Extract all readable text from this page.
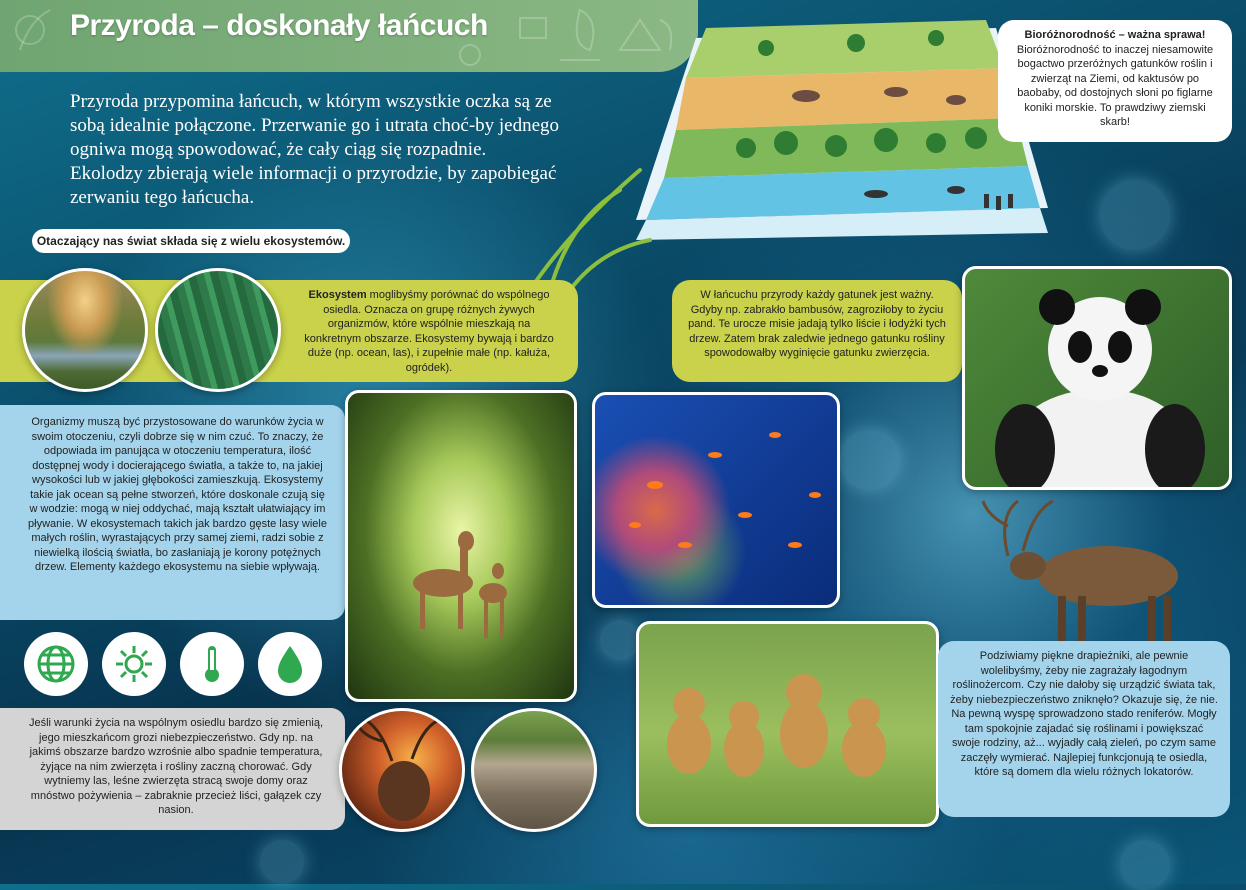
Przyroda – doskonały łańcuch
Przyroda przypomina łańcuch, w którym wszystkie oczka są ze sobą idealnie połączone. Przerwanie go i utrata choć-by jednego ogniwa mogą spowodować, że cały ciąg się rozpadnie. Ekolodzy zbierają wiele informacji o przyrodzie, by zapobiegać zerwaniu tego łańcucha.
Bioróżnorodność – ważna sprawa! Bioróżnorodność to inaczej niesamowite bogactwo przeróżnych gatunków roślin i zwierząt na Ziemi, od kaktusów po baobaby, od dostojnych słoni po figlarne koniki morskie. To prawdziwy ziemski skarb!
Otaczający nas świat składa się z wielu ekosystemów.
Ekosystem moglibyśmy porównać do wspólnego osiedla. Oznacza on grupę różnych żywych organizmów, które wspólnie mieszkają na konkretnym obszarze. Ekosystemy bywają i bardzo duże (np. ocean, las), i zupełnie małe (np. kałuża, ogródek).
W łańcuchu przyrody każdy gatunek jest ważny. Gdyby np. zabrakło bambusów, zagroziłoby to życiu pand. Te urocze misie jadają tylko liście i łodyżki tych drzew. Zatem brak zaledwie jednego gatunku rośliny spowodowałby wyginięcie gatunku zwierzęcia.
Organizmy muszą być przystosowane do warunków życia w swoim otoczeniu, czyli dobrze się w nim czuć. To znaczy, że odpowiada im panująca w otoczeniu temperatura, ilość dostępnej wody i docierającego światła, a także to, na jakiej wysokości lub w jakiej głębokości zamieszkują. Ekosystemy takie jak ocean są pełne stworzeń, które doskonale czują się w wodzie: mogą w niej oddychać, mają kształt ułatwiający im pływanie. W ekosystemach takich jak bardzo gęste lasy wiele małych roślin, wyrastających przy samej ziemi, radzi sobie z niewielką ilością światła, bo zasłaniają je korony potężnych drzew. Elementy każdego ekosystemu na siebie wpływają.
Podziwiamy piękne drapieżniki, ale pewnie wolelibyśmy, żeby nie zagrażały łagodnym roślinożercom. Czy nie dałoby się urządzić świata tak, żeby niebezpieczeństwo zniknęło? Okazuje się, że nie. Na pewną wyspę sprowadzono stado reniferów. Mogły tam spokojnie zajadać się roślinami i powiększać swoje rodziny, aż... wyjadły całą zieleń, po czym same zaczęły wymierać. Najlepiej funkcjonują te osiedla, które są domem dla wielu różnych lokatorów.
Jeśli warunki życia na wspólnym osiedlu bardzo się zmienią, jego mieszkańcom grozi niebezpieczeństwo. Gdy np. na jakimś obszarze bardzo wzrośnie albo spadnie temperatura, żyjące na nim zwierzęta i rośliny zaczną chorować. Gdy wytniemy las, leśne zwierzęta stracą swoje domy oraz mnóstwo pożywienia – zabraknie przecież liści, gałązek czy nasion.
